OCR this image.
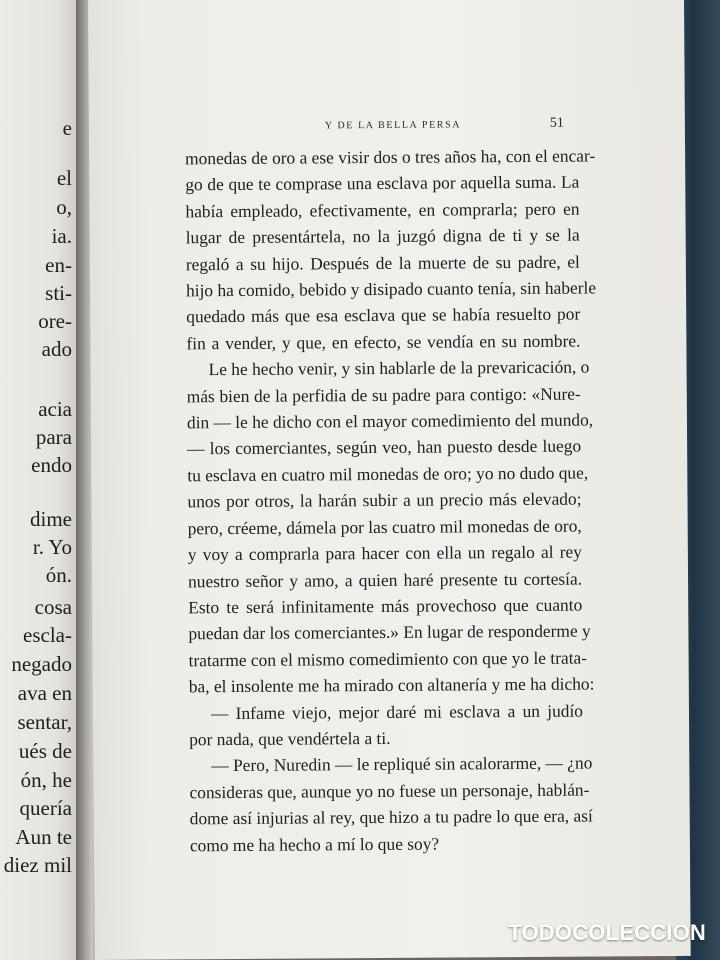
e
el
o,
ia.
en-
sti-
ore-
ado
acia
para
endo
dime
r. Yo
ón.
cosa
escla-
negado
ava en
sentar,
ués de
ón, he
quería
Aun te
diez mil
Y DE LA BELLA PERSA	51
monedas de oro a ese visir dos o tres años ha, con el encar-
go de que te comprase una esclava por aquella suma. La
había empleado, efectivamente, en comprarla; pero en
lugar de presentártela, no la juzgó digna de ti y se la
regaló a su hijo. Después de la muerte de su padre, el
hijo ha comido, bebido y disipado cuanto tenía, sin haberle
quedado más que esa esclava que se había resuelto por
fin a vender, y que, en efecto, se vendía en su nombre.
Le he hecho venir, y sin hablarle de la prevaricación, o
más bien de la perfidia de su padre para contigo: «Nure-
din — le he dicho con el mayor comedimiento del mundo,
— los comerciantes, según veo, han puesto desde luego
tu esclava en cuatro mil monedas de oro; yo no dudo que,
unos por otros, la harán subir a un precio más elevado;
pero, créeme, dámela por las cuatro mil monedas de oro,
y voy a comprarla para hacer con ella un regalo al rey
nuestro señor y amo, a quien haré presente tu cortesía.
Esto te será infinitamente más provechoso que cuanto
puedan dar los comerciantes.» En lugar de responderme y
tratarme con el mismo comedimiento con que yo le trata-
ba, el insolente me ha mirado con altanería y me ha dicho:
— Infame viejo, mejor daré mi esclava a un judío
por nada, que vendértela a ti.
— Pero, Nuredin — le repliqué sin acalorarme, — ¿no
consideras que, aunque yo no fuese un personaje, hablán-
dome así injurias al rey, que hizo a tu padre lo que era, así
como me ha hecho a mí lo que soy?
TODOCOLECCION
